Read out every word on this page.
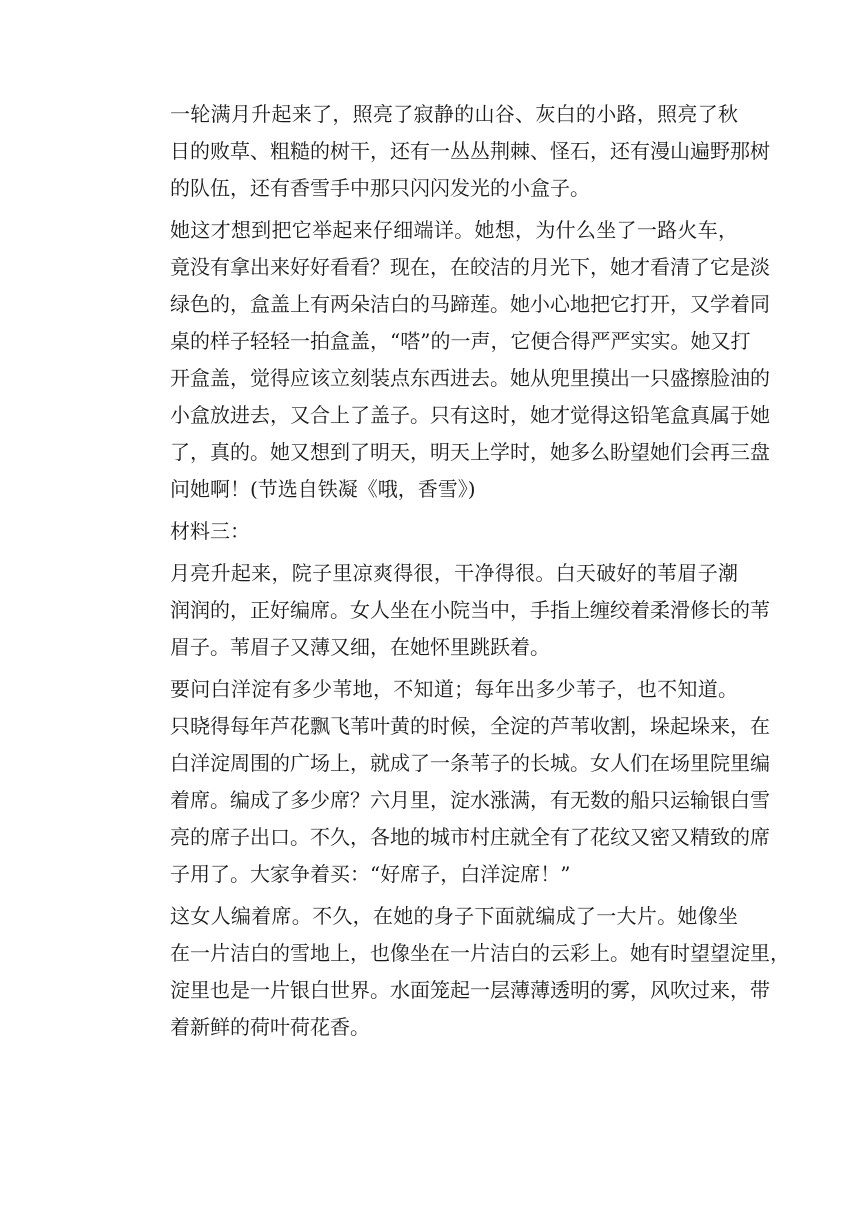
一轮满月升起来了，照亮了寂静的山谷、灰白的小路，照亮了秋
日的败草、粗糙的树干，还有一丛丛荆棘、怪石，还有漫山遍野那树
的队伍，还有香雪手中那只闪闪发光的小盒子。
她这才想到把它举起来仔细端详。她想，为什么坐了一路火车，
竟没有拿出来好好看看？现在，在皎洁的月光下，她才看清了它是淡
绿色的，盒盖上有两朵洁白的马蹄莲。她小心地把它打开，又学着同
桌的样子轻轻一拍盒盖，“嗒”的一声，它便合得严严实实。她又打
开盒盖，觉得应该立刻装点东西进去。她从兜里摸出一只盛擦脸油的
小盒放进去，又合上了盖子。只有这时，她才觉得这铅笔盒真属于她
了，真的。她又想到了明天，明天上学时，她多么盼望她们会再三盘
问她啊！(节选自铁凝《哦，香雪》)
材料三：
月亮升起来，院子里凉爽得很，干净得很。白天破好的苇眉子潮
润润的，正好编席。女人坐在小院当中，手指上缠绞着柔滑修长的苇
眉子。苇眉子又薄又细，在她怀里跳跃着。
要问白洋淀有多少苇地，不知道；每年出多少苇子，也不知道。
只晓得每年芦花飘飞苇叶黄的时候，全淀的芦苇收割，垛起垛来，在
白洋淀周围的广场上，就成了一条苇子的长城。女人们在场里院里编
着席。编成了多少席？六月里，淀水涨满，有无数的船只运输银白雪
亮的席子出口。不久，各地的城市村庄就全有了花纹又密又精致的席
子用了。大家争着买：“好席子，白洋淀席！”
这女人编着席。不久，在她的身子下面就编成了一大片。她像坐
在一片洁白的雪地上，也像坐在一片洁白的云彩上。她有时望望淀里，
淀里也是一片银白世界。水面笼起一层薄薄透明的雾，风吹过来，带
着新鲜的荷叶荷花香。
